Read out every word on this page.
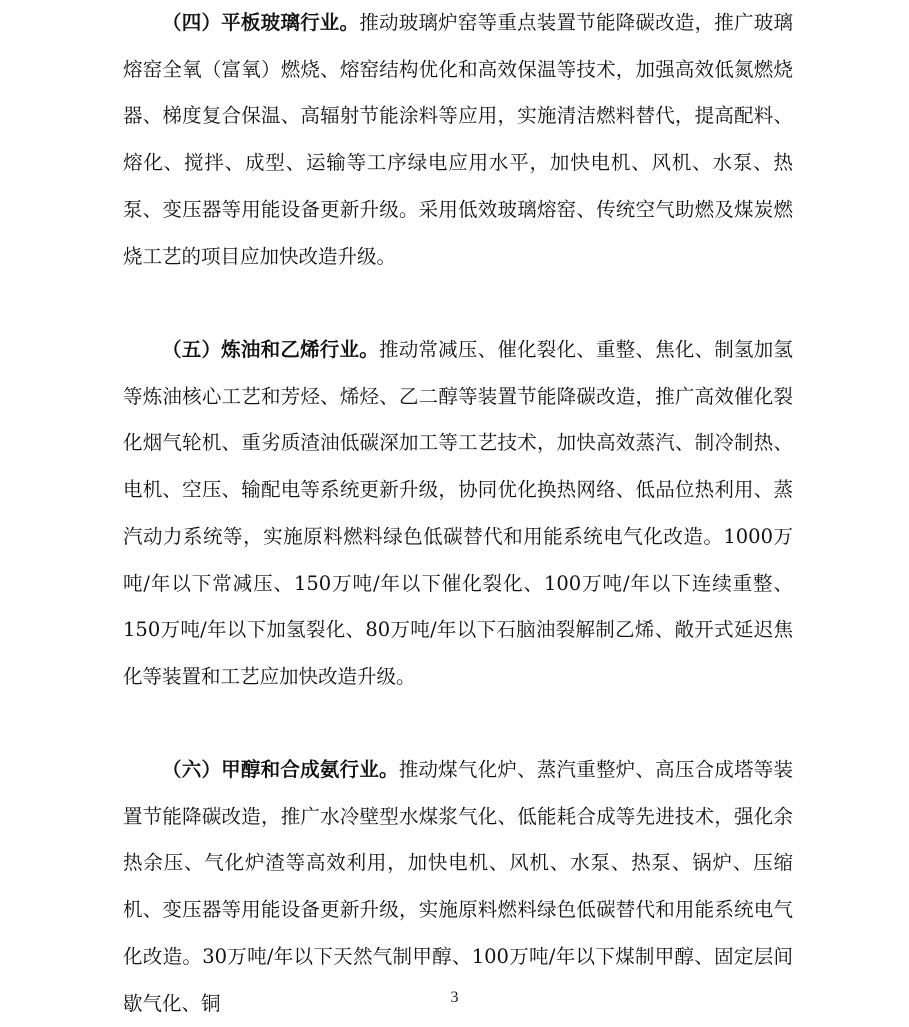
（四）平板玻璃行业。推动玻璃炉窑等重点装置节能降碳改造，推广玻璃熔窑全氧（富氧）燃烧、熔窑结构优化和高效保温等技术，加强高效低氮燃烧器、梯度复合保温、高辐射节能涂料等应用，实施清洁燃料替代，提高配料、熔化、搅拌、成型、运输等工序绿电应用水平，加快电机、风机、水泵、热泵、变压器等用能设备更新升级。采用低效玻璃熔窑、传统空气助燃及煤炭燃烧工艺的项目应加快改造升级。

（五）炼油和乙烯行业。推动常减压、催化裂化、重整、焦化、制氢加氢等炼油核心工艺和芳烃、烯烃、乙二醇等装置节能降碳改造，推广高效催化裂化烟气轮机、重劣质渣油低碳深加工等工艺技术，加快高效蒸汽、制冷制热、电机、空压、输配电等系统更新升级，协同优化换热网络、低品位热利用、蒸汽动力系统等，实施原料燃料绿色低碳替代和用能系统电气化改造。1000万吨/年以下常减压、150万吨/年以下催化裂化、100万吨/年以下连续重整、150万吨/年以下加氢裂化、80万吨/年以下石脑油裂解制乙烯、敞开式延迟焦化等装置和工艺应加快改造升级。

（六）甲醇和合成氨行业。推动煤气化炉、蒸汽重整炉、高压合成塔等装置节能降碳改造，推广水冷壁型水煤浆气化、低能耗合成等先进技术，强化余热余压、气化炉渣等高效利用，加快电机、风机、水泵、热泵、锅炉、压缩机、变压器等用能设备更新升级，实施原料燃料绿色低碳替代和用能系统电气化改造。30万吨/年以下天然气制甲醇、100万吨/年以下煤制甲醇、固定层间歇气化、铜	3
